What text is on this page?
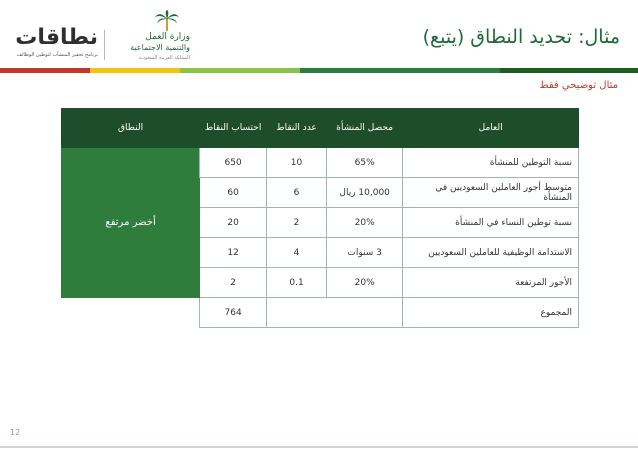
نطاقات
برنامج تحفيز المنشآت لتوطين الوظائف
وزارة العمل
والتنمية الاجتماعية
المملكة العربية السعودية
مثال: تحديد النطاق (يتبع)
مثال توضيحي فقط
العامل	محصل المنشأة	عدد النقاط	احتساب النقاط	النطاق
نسبة التوطين للمنشأة	65%	10	650	أخضر مرتفع
متوسط أجور العاملين السعوديين في المنشأة	10,000 ريال	6	60	
نسبة توطين النساء في المنشأة	20%	2	20	
الاستدامة الوظيفية للعاملين السعوديين	3 سنوات	4	12	
الأجور المرتفعة	20%	0.1	2	
المجموع			764	
12
